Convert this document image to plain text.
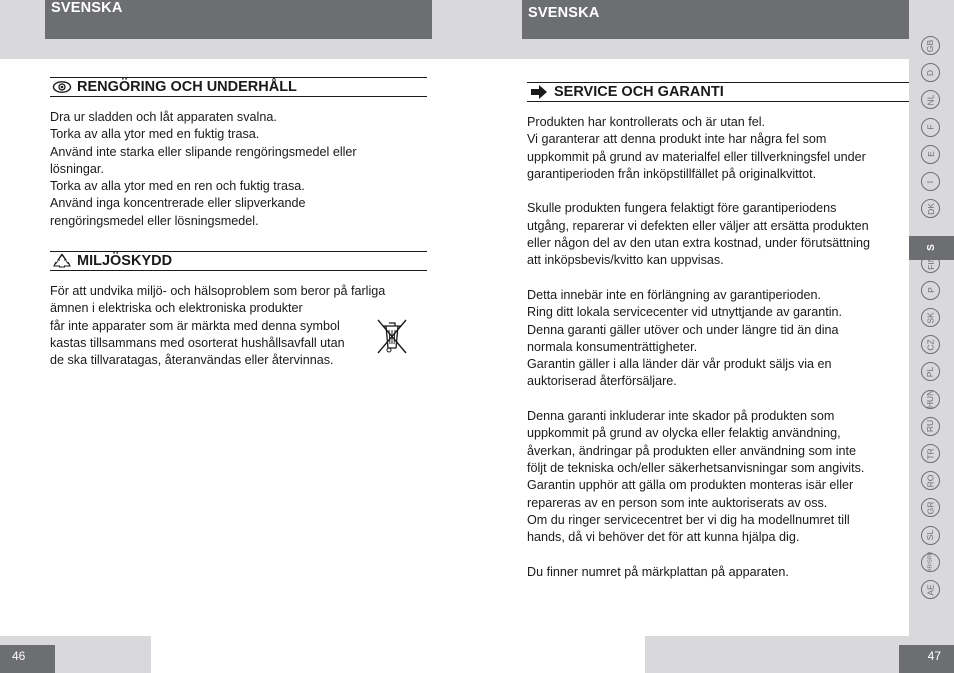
SVENSKA	SVENSKA
RENGÖRING OCH UNDERHÅLL

Dra ur sladden och låt apparaten svalna.

Torka av alla ytor med en fuktig trasa.

Använd inte starka eller slipande rengöringsmedel eller

lösningar.

Torka av alla ytor med en ren och fuktig trasa.

Använd inga koncentrerade eller slipverkande

rengöringsmedel eller lösningsmedel.

MILJÖSKYDD

För att undvika miljö- och hälsoproblem som beror på farliga

ämnen i elektriska och elektroniska produkter

får inte apparater som är märkta med denna symbol

kastas tillsammans med osorterat hushållsavfall utan

de ska tillvaratagas, återanvändas eller återvinnas.

SERVICE OCH GARANTI

Produkten har kontrollerats och är utan fel.

Vi garanterar att denna produkt inte har några fel som

uppkommit på grund av materialfel eller tillverkningsfel under

garantiperioden från inköpstillfället på originalkvittot.

Skulle produkten fungera felaktigt före garantiperiodens

utgång, reparerar vi defekten eller väljer att ersätta produkten

eller någon del av den utan extra kostnad, under förutsättning

att inköpsbevis/kvitto kan uppvisas.

Detta innebär inte en förlängning av garantiperioden.

Ring ditt lokala servicecenter vid utnyttjande av garantin.

Denna garanti gäller utöver och under längre tid än dina

normala konsumenträttigheter.

Garantin gäller i alla länder där vår produkt säljs via en

auktoriserad återförsäljare.

Denna garanti inkluderar inte skador på produkten som

uppkommit på grund av olycka eller felaktig användning,

åverkan, ändringar på produkten eller användning som inte

följt de tekniska och/eller säkerhetsanvisningar som angivits.

Garantin upphör att gälla om produkten monteras isär eller

repareras av en person som inte auktoriserats av oss.

Om du ringer servicecentret ber vi dig ha modellnumret till

hands, då vi behöver det för att kunna hjälpa dig.

Du finner numret på märkplattan på apparaten.

GB
D
NL
F
E
I
DK
S
FIN
P
SK
CZ
PL
HUN
RU
TR
RO
GR
SL
HR/SRB
AE
46	47
